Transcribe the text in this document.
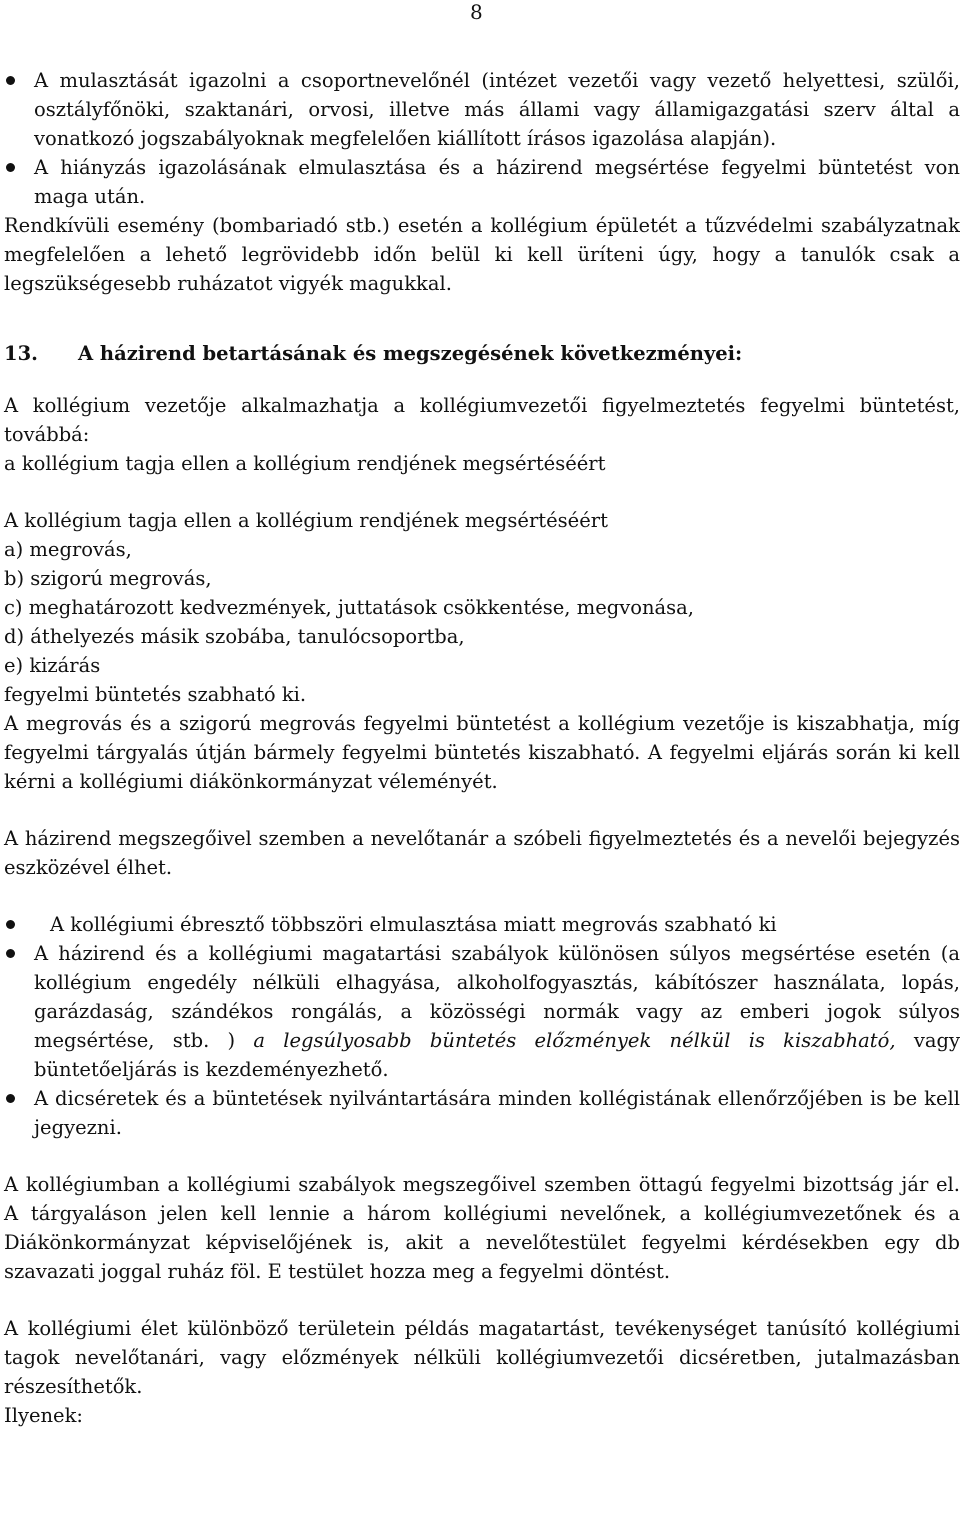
8
A mulasztását igazolni a csoportnevelőnél (intézet vezetői vagy vezető helyettesi, szülői, osztályfőnöki, szaktanári, orvosi, illetve más állami vagy államigazgatási szerv által a vonatkozó jogszabályoknak megfelelően kiállított írásos igazolása alapján).
A hiányzás igazolásának elmulasztása és a házirend megsértése fegyelmi büntetést von maga után.

Rendkívüli esemény (bombariadó stb.) esetén a kollégium épületét a tűzvédelmi szabályzatnak megfelelően a lehető legrövidebb időn belül ki kell üríteni úgy, hogy a tanulók csak a legszükségesebb ruházatot vigyék magukkal.

13. A házirend betartásának és megszegésének következményei:

A kollégium vezetője alkalmazhatja a kollégiumvezetői figyelmeztetés fegyelmi büntetést, továbbá:
a kollégium tagja ellen a kollégium rendjének megsértéséért

A kollégium tagja ellen a kollégium rendjének megsértéséért
a) megrovás,
b) szigorú megrovás,
c) meghatározott kedvezmények, juttatások csökkentése, megvonása,
d) áthelyezés másik szobába, tanulócsoportba,
e) kizárás
fegyelmi büntetés szabható ki.

A megrovás és a szigorú megrovás fegyelmi büntetést a kollégium vezetője is kiszabhatja, míg fegyelmi tárgyalás útján bármely fegyelmi büntetés kiszabható. A fegyelmi eljárás során ki kell kérni a kollégiumi diákönkormányzat véleményét.

A házirend megszegőivel szemben a nevelőtanár a szóbeli figyelmeztetés és a nevelői bejegyzés eszközével élhet.

A kollégiumi ébresztő többszöri elmulasztása miatt megrovás szabható ki
A házirend és a kollégiumi magatartási szabályok különösen súlyos megsértése esetén (a kollégium engedély nélküli elhagyása, alkoholfogyasztás, kábítószer használata, lopás, garázdaság, szándékos rongálás, a közösségi normák vagy az emberi jogok súlyos megsértése, stb. ) a legsúlyosabb büntetés előzmények nélkül is kiszabható, vagy büntetőeljárás is kezdeményezhető.
A dicséretek és a büntetések nyilvántartására minden kollégistának ellenőrzőjében is be kell jegyezni.

A kollégiumban a kollégiumi szabályok megszegőivel szemben öttagú fegyelmi bizottság jár el. A tárgyaláson jelen kell lennie a három kollégiumi nevelőnek, a kollégiumvezetőnek és a Diákönkormányzat képviselőjének is, akit a nevelőtestület fegyelmi kérdésekben egy db szavazati joggal ruház föl. E testület hozza meg a fegyelmi döntést.

A kollégiumi élet különböző területein példás magatartást, tevékenységet tanúsító kollégiumi tagok nevelőtanári, vagy előzmények nélküli kollégiumvezetői dicséretben, jutalmazásban részesíthetők.

Ilyenek:
